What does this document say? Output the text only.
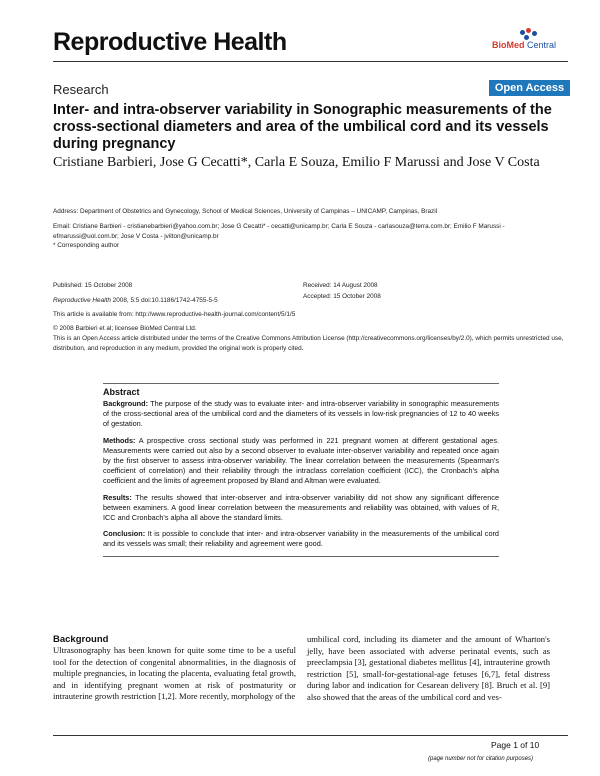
Reproductive Health	BioMed Central
Research	Open Access
Inter- and intra-observer variability in Sonographic measurements of the cross-sectional diameters and area of the umbilical cord and its vessels during pregnancy
Cristiane Barbieri, Jose G Cecatti*, Carla E Souza, Emilio F Marussi and Jose V Costa
Address: Department of Obstetrics and Gynecology, School of Medical Sciences, University of Campinas – UNICAMP, Campinas, Brazil
Email: Cristiane Barbieri - cristianebarbieri@yahoo.com.br; Jose G Cecatti* - cecatti@unicamp.br; Carla E Souza - carlasouza@terra.com.br; Emilio F Marussi - efmarussi@uol.com.br; Jose V Costa - jvilton@unicamp.br
* Corresponding author
Published: 15 October 2008	Received: 14 August 2008
Reproductive Health 2008, 5:5 doi:10.1186/1742-4755-5-5
Accepted: 15 October 2008
This article is available from: http://www.reproductive-health-journal.com/content/5/1/5
© 2008 Barbieri et al; licensee BioMed Central Ltd.
This is an Open Access article distributed under the terms of the Creative Commons Attribution License (http://creativecommons.org/licenses/by/2.0), which permits unrestricted use, distribution, and reproduction in any medium, provided the original work is properly cited.
Abstract

Background: The purpose of the study was to evaluate inter- and intra-observer variability in sonographic measurements of the cross-sectional area of the umbilical cord and the diameters of its vessels in low-risk pregnancies of 12 to 40 weeks of gestation.

Methods: A prospective cross sectional study was performed in 221 pregnant women at different gestational ages. Measurements were carried out also by a second observer to evaluate inter-observer variability and repeated once again by the first observer to assess intra-observer variability. The linear correlation between the measurements (Spearman's coefficient of correlation) and their reliability through the intraclass correlation coefficient (ICC), the Cronbach's alpha coefficient and the limits of agreement proposed by Bland and Altman were evaluated.

Results: The results showed that inter-observer and intra-observer variability did not show any significant difference between examiners. A good linear correlation between the measurements and reliability was obtained, with values of R, ICC and Cronbach's alpha all above the standard limits.

Conclusion: It is possible to conclude that inter- and intra-observer variability in the measurements of the umbilical cord and its vessels was small; their reliability and agreement were good.

Background
Ultrasonography has been known for quite some time to be a useful tool for the detection of congenital abnormalities, in the diagnosis of multiple pregnancies, in locating the placenta, evaluating fetal growth, and in identifying pregnant women at risk of postmaturity or intrauterine growth restriction [1,2]. More recently, morphology of the
umbilical cord, including its diameter and the amount of Wharton's jelly, have been associated with adverse perinatal events, such as preeclampsia [3], gestational diabetes mellitus [4], intrauterine growth restriction [5], small-for-gestational-age fetuses [6,7], fetal distress during labor and indication for Cesarean delivery [8]. Bruch et al. [9] also showed that the areas of the umbilical cord and ves-
Page 1 of 10
(page number not for citation purposes)
